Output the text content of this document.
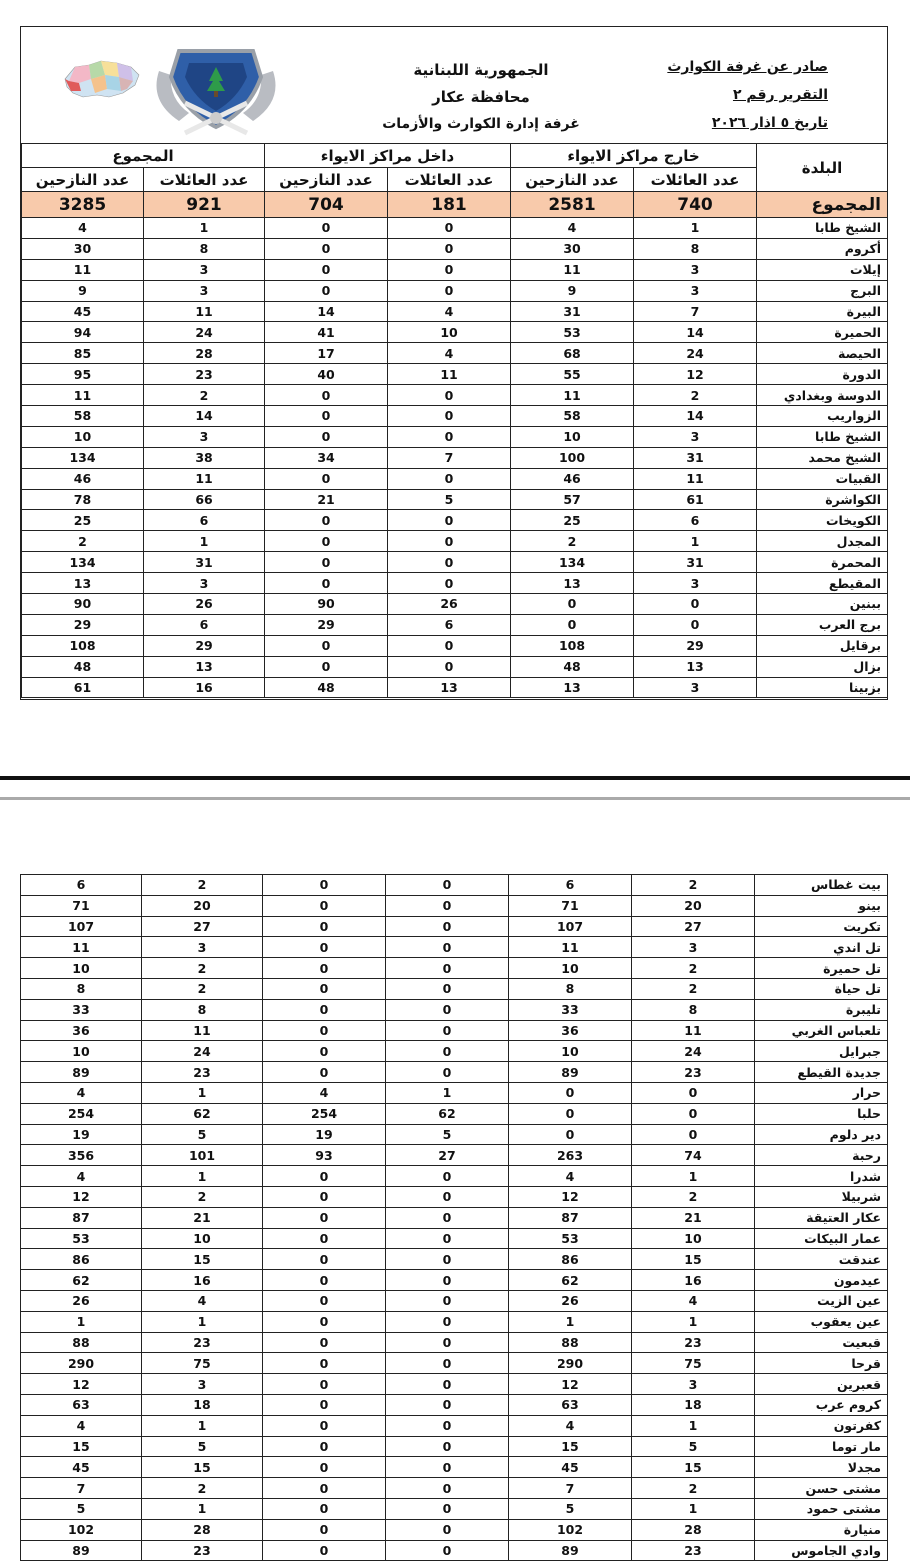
الجمهورية اللبنانية
محافظة عكار
غرفة إدارة الكوارث والأزمات
صادر عن غرفة الكوارث
التقرير رقم ٢
تاريخ ٥ اذار ٢٠٢٦
البلدة	خارج مراكز الايواء		داخل مراكز الايواء		المجموع	
	عدد العائلات	عدد النازحين	عدد العائلات	عدد النازحين	عدد العائلات	عدد النازحين
المجموع	740	2581	181	704	921	3285
الشيخ طابا	1	4	0	0	1	4
أكروم	8	30	0	0	8	30
إيلات	3	11	0	0	3	11
البرج	3	9	0	0	3	9
البيرة	7	31	4	14	11	45
الحميرة	14	53	10	41	24	94
الحيصة	24	68	4	17	28	85
الدورة	12	55	11	40	23	95
الدوسة وبغدادي	2	11	0	0	2	11
الزواريب	14	58	0	0	14	58
الشيخ طابا	3	10	0	0	3	10
الشيخ محمد	31	100	7	34	38	134
القبيات	11	46	0	0	11	46
الكواشرة	61	57	5	21	66	78
الكويخات	6	25	0	0	6	25
المجدل	1	2	0	0	1	2
المحمرة	31	134	0	0	31	134
المقيطع	3	13	0	0	3	13
ببنين	0	0	26	90	26	90
برج العرب	0	0	6	29	6	29
برقايل	29	108	0	0	29	108
بزال	13	48	0	0	13	48
بزبينا	3	13	13	48	16	61
بيت غطاس	2	6	0	0	2	6
بينو	20	71	0	0	20	71
تكريت	27	107	0	0	27	107
تل اندي	3	11	0	0	3	11
تل حميرة	2	10	0	0	2	10
تل حياة	2	8	0	0	2	8
تليبرة	8	33	0	0	8	33
تلعباس الغربي	11	36	0	0	11	36
جبرايل	24	10	0	0	24	10
جديدة القيطع	23	89	0	0	23	89
حرار	0	0	1	4	1	4
حلبا	0	0	62	254	62	254
دير دلوم	0	0	5	19	5	19
رحبة	74	263	27	93	101	356
شدرا	1	4	0	0	1	4
شربيلا	2	12	0	0	2	12
عكار العتيقة	21	87	0	0	21	87
عمار البيكات	10	53	0	0	10	53
عندقت	15	86	0	0	15	86
عيدمون	16	62	0	0	16	62
عين الزيت	4	26	0	0	4	26
عين يعقوب	1	1	0	0	1	1
قبعيت	23	88	0	0	23	88
قرحا	75	290	0	0	75	290
قعبرين	3	12	0	0	3	12
كروم عرب	18	63	0	0	18	63
كفرتون	1	4	0	0	1	4
مار توما	5	15	0	0	5	15
مجدلا	15	45	0	0	15	45
مشتى حسن	2	7	0	0	2	7
مشتى حمود	1	5	0	0	1	5
منيارة	28	102	0	0	28	102
وادي الجاموس	23	89	0	0	23	89
